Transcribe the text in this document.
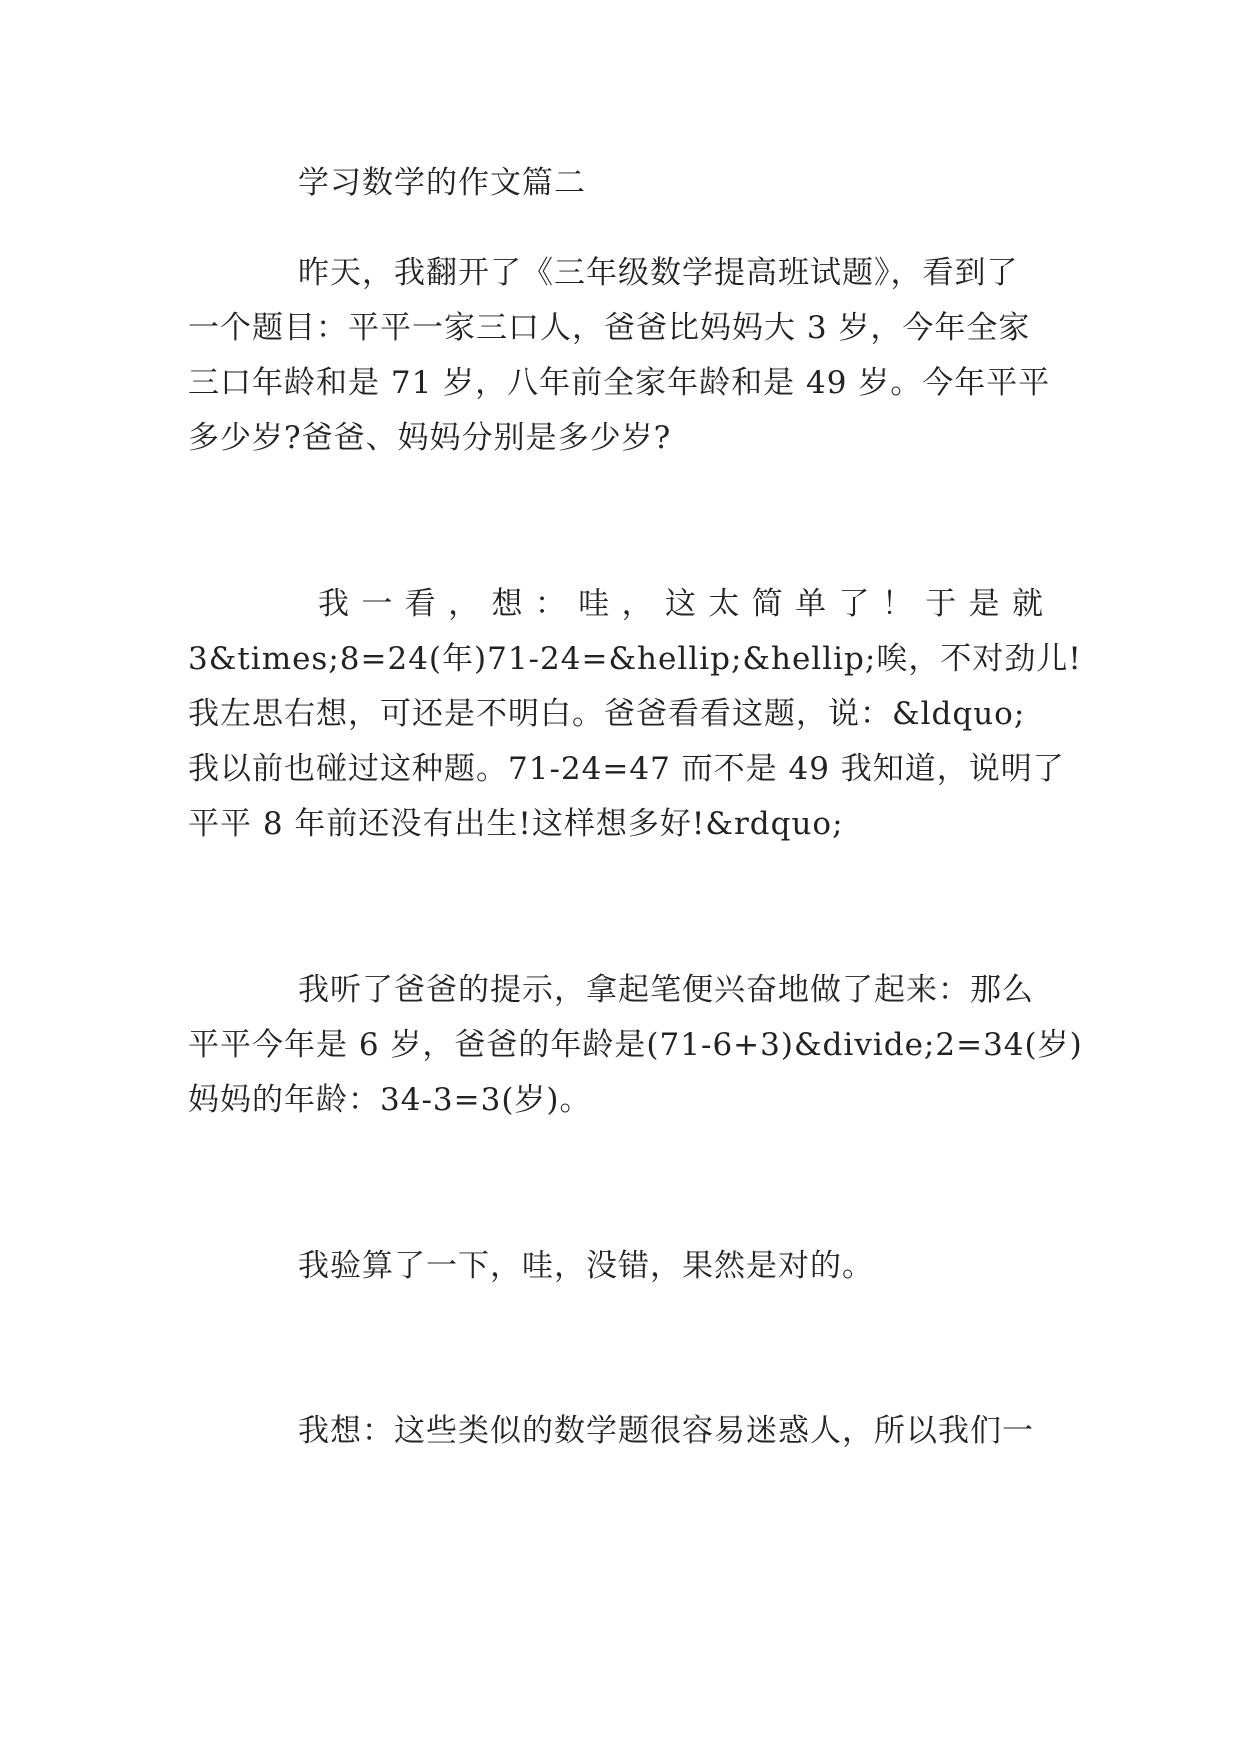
学习数学的作文篇二
昨天，我翻开了《三年级数学提高班试题》，看到了
一个题目：平平一家三口人，爸爸比妈妈大 3 岁，今年全家
三口年龄和是 71 岁，八年前全家年龄和是 49 岁。今年平平
多少岁?爸爸、妈妈分别是多少岁?
我 一 看 ， 想 ： 哇 ， 这 太 简 单 了 ！ 于 是 就
3&times;8=24(年)71-24=&hellip;&hellip;唉，不对劲儿!
我左思右想，可还是不明白。爸爸看看这题，说：&ldquo;
我以前也碰过这种题。71-24=47 而不是 49 我知道，说明了
平平 8 年前还没有出生!这样想多好!&rdquo;
我听了爸爸的提示，拿起笔便兴奋地做了起来：那么
平平今年是 6 岁，爸爸的年龄是(71-6+3)&divide;2=34(岁)
妈妈的年龄：34-3=3(岁)。
我验算了一下，哇，没错，果然是对的。
我想：这些类似的数学题很容易迷惑人，所以我们一
